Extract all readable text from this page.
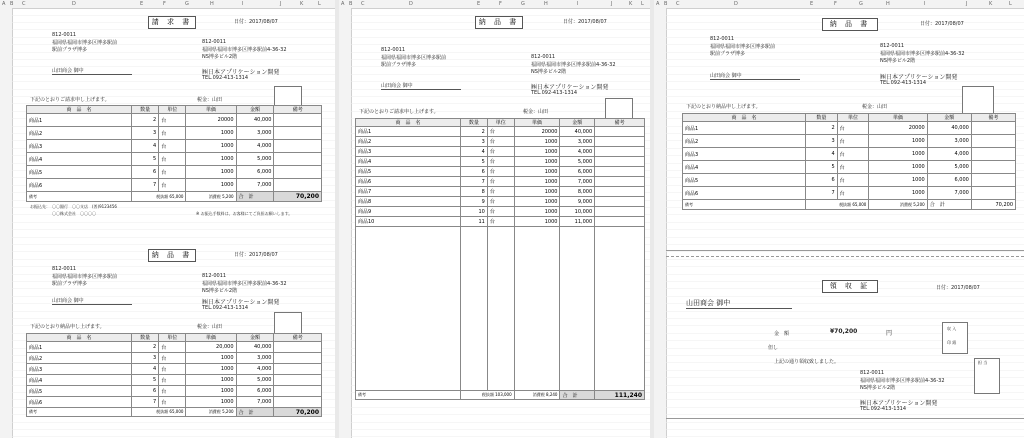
A B C	D	E	F	G	H	I	J	K	L
請 求 書	日付：2017/08/07
812-0011
福岡県福岡市博多区博多駅前
駅前プラザ博多
812-0011
福岡県福岡市博多区博多駅前4-36-32
NS博多ビル2階
山田商会 御中	㈱日本アプリケーション開発
TEL.092-413-1314
下記のとおりご請求申し上げます。	税金：山田
商　品　名	数量	単位	単価	金額	備考
商品1	2	台	20000	40,000	
商品2	3	台	1000	3,000	
商品3	4	台	1000	4,000	
商品4	5	台	1000	5,000	
商品5	6	台	1000	6,000	
商品6	7	台	1000	7,000	
備考	税抜額 65,000		消費税 5,200	合　計	70,200
お振込先： 〇〇銀行　〇〇支店　(普)9123456
〇〇株式会社　〇〇〇〇	※ お振込手数料は、お客様にてご負担お願いします。
納 品 書	日付：2017/08/07
812-0011
福岡県福岡市博多区博多駅前
駅前プラザ博多
812-0011
福岡県福岡市博多区博多駅前4-36-32
NS博多ビル2階
山田商会 御中	㈱日本アプリケーション開発
TEL.092-413-1314
下記のとおり納品申し上げます。	税金：山田
商　品　名	数量	単位	単価	金額	備考
商品1	2	台	20,000	40,000	
商品2	3	台	1000	3,000	
商品3	4	台	1000	4,000	
商品4	5	台	1000	5,000	
商品5	6	台	1000	6,000	
商品6	7	台	1000	7,000	
備考	税抜額 65,000		消費税 5,200	合　計	70,200
A B C	D	E	F	G	H	I	J	K L
納 品 書	日付：2017/08/07
812-0011
福岡県福岡市博多区博多駅前
駅前プラザ博多
812-0011
福岡県福岡市博多区博多駅前4-36-32
NS博多ビル2階
山田商会 御中	㈱日本アプリケーション開発
TEL.092-413-1314
下記のとおりご請求申し上げます。	税金：山田
商　品　名	数量	単位	単価	金額	備考
商品1	2	台	20000	40,000	
商品2	3	台	1000	3,000	
商品3	4	台	1000	4,000	
商品4	5	台	1000	5,000	
商品5	6	台	1000	6,000	
商品6	7	台	1000	7,000	
商品7	8	台	1000	8,000	
商品8	9	台	1000	9,000	
商品9	10	台	1000	10,000	
商品10	11	台	1000	11,000	

備考	税抜額 103,000		消費税 8,240	合　計	111,240
A B C	D	E	F	G	H	I	J	K	L
納 品 書	日付：2017/08/07
812-0011
福岡県福岡市博多区博多駅前
駅前プラザ博多
812-0011
福岡県福岡市博多区博多駅前4-36-32
NS博多ビル2階
山田商会 御中	㈱日本アプリケーション開発
TEL.092-413-1314
下記のとおり納品申し上げます。	税金：山田
商　品　名	数量	単位	単価	金額	備考
商品1	2	台	20000	40,000	
商品2	3	台	1000	3,000	
商品3	4	台	1000	4,000	
商品4	5	台	1000	5,000	
商品5	6	台	1000	6,000	
商品6	7	台	1000	7,000	
備考	税抜額 65,000		消費税 5,200	合　計	70,200
領 収 証	日付：2017/08/07
山田商会 御中
金　額	¥70,200	円
収 入
印 紙
但し
上記の通り領収致しました。	担 当
812-0011
福岡県福岡市博多区博多駅前4-36-32
NS博多ビル2階
㈱日本アプリケーション開発
TEL.092-413-1314
